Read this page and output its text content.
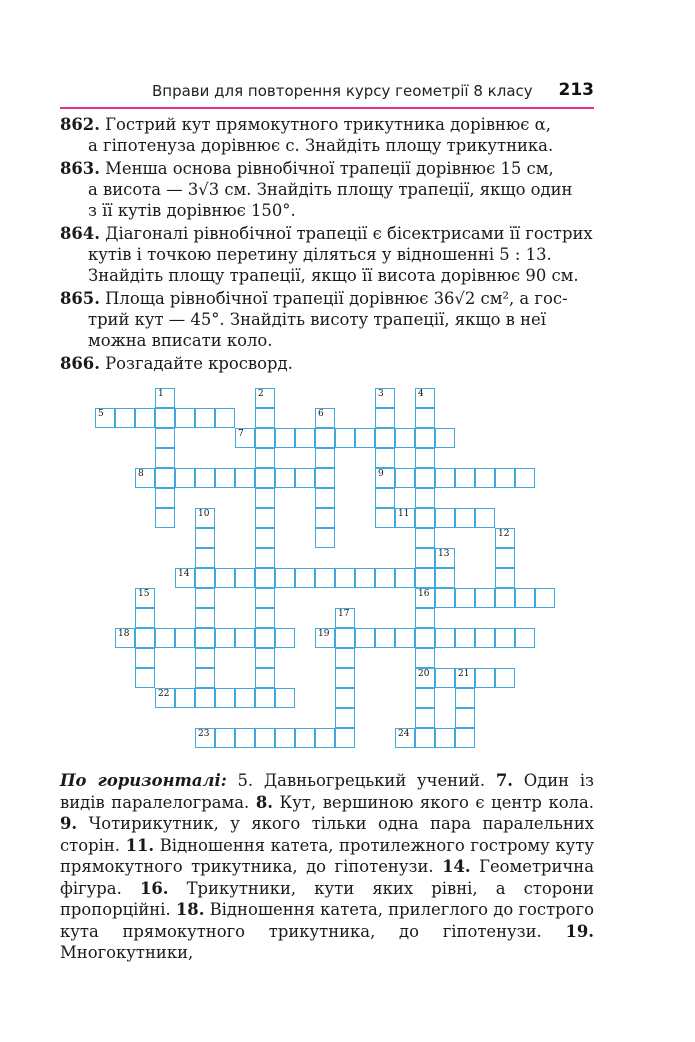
Вправи для повторення курсу геометрії 8 класу 213
862. Гострий кут прямокутного трикутника дорівнює α,
а гіпотенуза дорівнює c. Знайдіть площу трикутника.
863. Менша основа рівнобічної трапеції дорівнює 15 см,
а висота — 3√3 см. Знайдіть площу трапеції, якщо один
з її кутів дорівнює 150°.
864. Діагоналі рівнобічної трапеції є бісектрисами її гострих
кутів і точкою перетину діляться у відношенні 5 : 13.
Знайдіть площу трапеції, якщо її висота дорівнює 90 см.
865. Площа рівнобічної трапеції дорівнює 36√2 см², а гос-
трий кут — 45°. Знайдіть висоту трапеції, якщо в неї
можна вписати коло.
866. Розгадайте кросворд.
1	2	3	4
5	6
7
8	9
10	11
12
13
14
15	16
17
18	19
20	21
22
23	24
По горизонталі: 5. Давньогрецький учений. 7. Один із видів паралелограма. 8. Кут, вершиною якого є центр кола. 9. Чотирикутник, у якого тільки одна пара паралельних сторін. 11. Відношення катета, протилежного гострому куту прямокутного трикутника, до гіпотенузи. 14. Геометрична фігура. 16. Трикутники, кути яких рівні, а сторони пропорційні. 18. Відношення катета, прилеглого до гострого кута прямокутного трикутника, до гіпотенузи. 19. Многокутники,
